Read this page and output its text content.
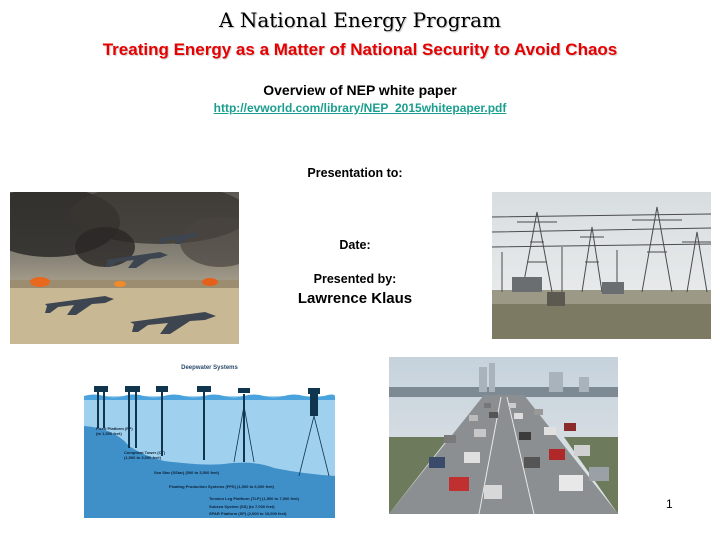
A National Energy Program
Treating Energy as a Matter of National Security to Avoid Chaos
Overview of NEP white paper
http://evworld.com/library/NEP_2015whitepaper.pdf
Presentation to:
Date:
Presented by:
Lawrence Klaus
Deepwater Systems
Fixed Platform (FP)
(to 1,500 feet)
Compliant Tower (CT)
(1,500 to 3,000 feet)
Sea Star (SStar) (500 to 3,500 feet)
Floating Production Systems (FPS) (1,500 to 6,000 feet)
Tension Leg Platform (TLP) (1,500 to 7,000 feet)
Subsea System (SS) (to 7,000 feet)
SPAR Platform (SP) (2,000 to 10,000 feet)
1
